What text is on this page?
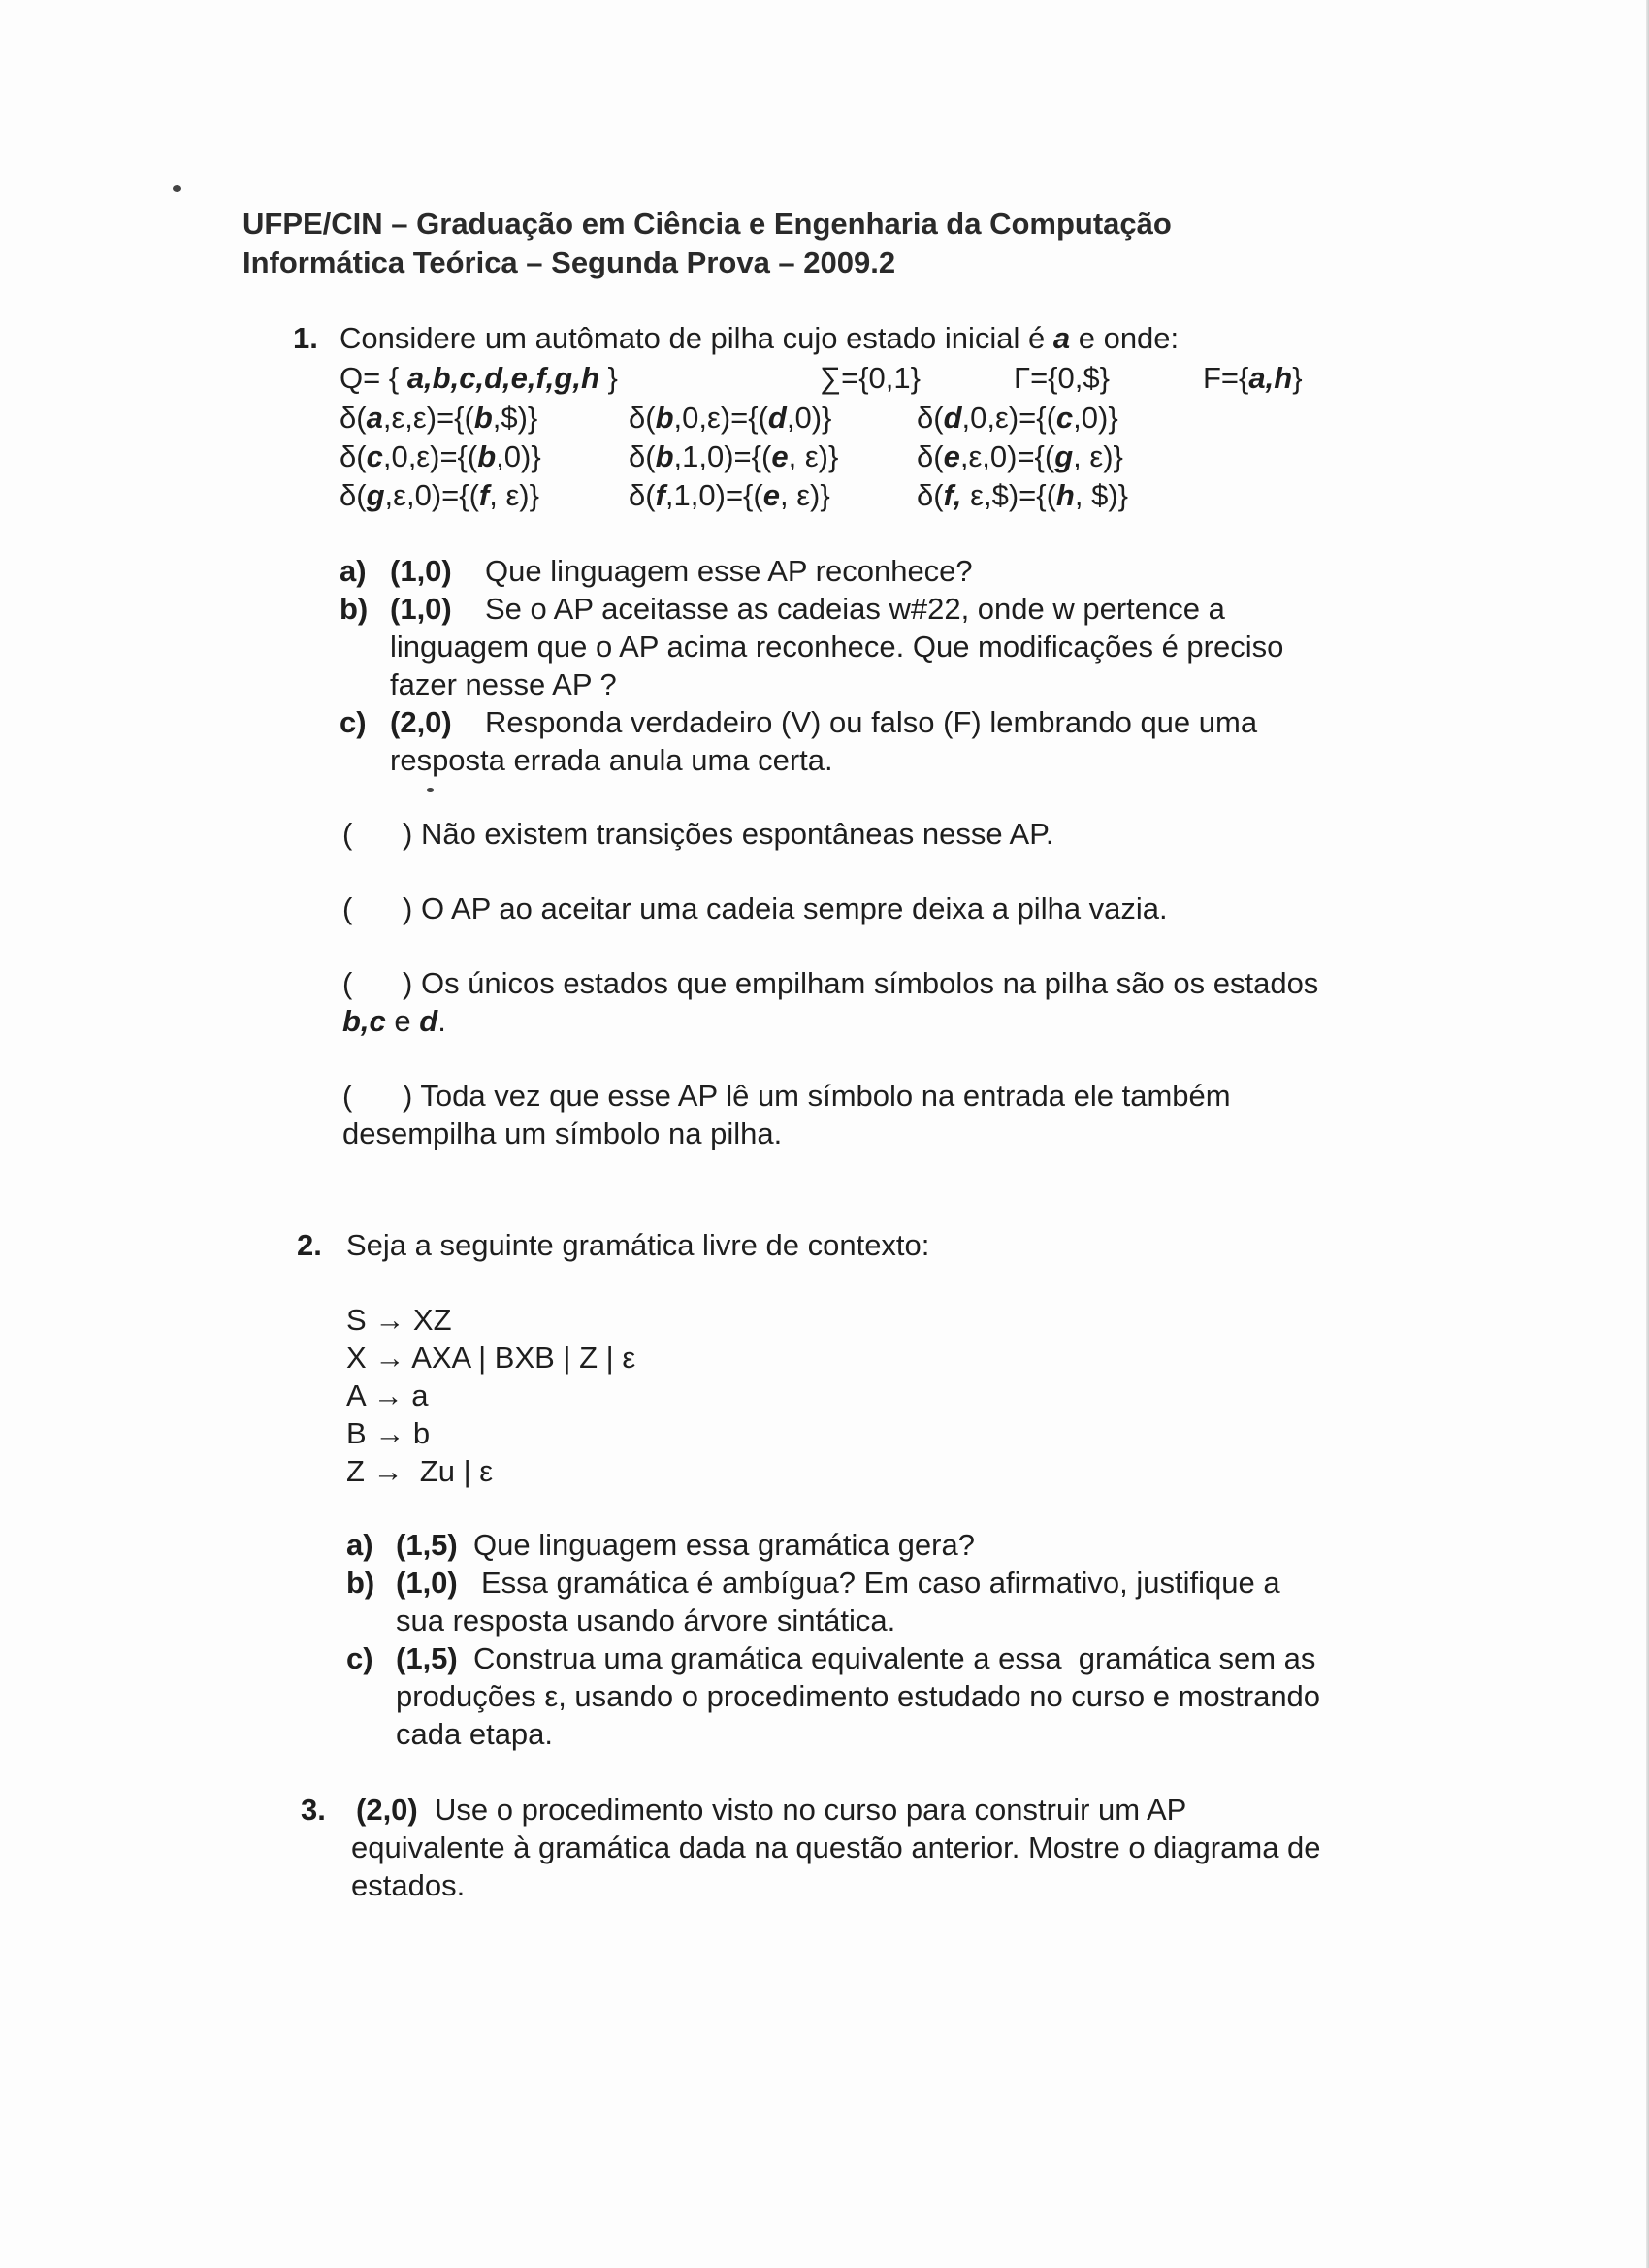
UFPE/CIN – Graduação em Ciência e Engenharia da Computação
Informática Teórica – Segunda Prova – 2009.2
1. Considere um autômato de pilha cujo estado inicial é a e onde:
Q= { a,b,c,d,e,f,g,h }	∑={0,1}	Γ={0,$}	F={a,h}
δ(a,ε,ε)={(b,$)}	δ(b,0,ε)={(d,0)}	δ(d,0,ε)={(c,0)}
δ(c,0,ε)={(b,0)}	δ(b,1,0)={(e, ε)}	δ(e,ε,0)={(g, ε)}
δ(g,ε,0)={(f, ε)}	δ(f,1,0)={(e, ε)}	δ(f, ε,$)={(h, $)}
a) (1,0) Que linguagem esse AP reconhece?
b) (1,0) Se o AP aceitasse as cadeias w#22, onde w pertence a
linguagem que o AP acima reconhece. Que modificações é preciso
fazer nesse AP ?
c) (2,0) Responda verdadeiro (V) ou falso (F) lembrando que uma
resposta errada anula uma certa.
(      ) Não existem transições espontâneas nesse AP.
(      ) O AP ao aceitar uma cadeia sempre deixa a pilha vazia.
(      ) Os únicos estados que empilham símbolos na pilha são os estados
b,c e d.
(      ) Toda vez que esse AP lê um símbolo na entrada ele também
desempilha um símbolo na pilha.
2. Seja a seguinte gramática livre de contexto:
S → XZ
X → AXA | BXB | Z | ε
A → a
B → b
Z →  Zu | ε
a) (1,5) Que linguagem essa gramática gera?
b) (1,0) Essa gramática é ambígua? Em caso afirmativo, justifique a
sua resposta usando árvore sintática.
c) (1,5) Construa uma gramática equivalente a essa  gramática sem as
produções ε, usando o procedimento estudado no curso e mostrando
cada etapa.
3. (2,0) Use o procedimento visto no curso para construir um AP
equivalente à gramática dada na questão anterior. Mostre o diagrama de
estados.
